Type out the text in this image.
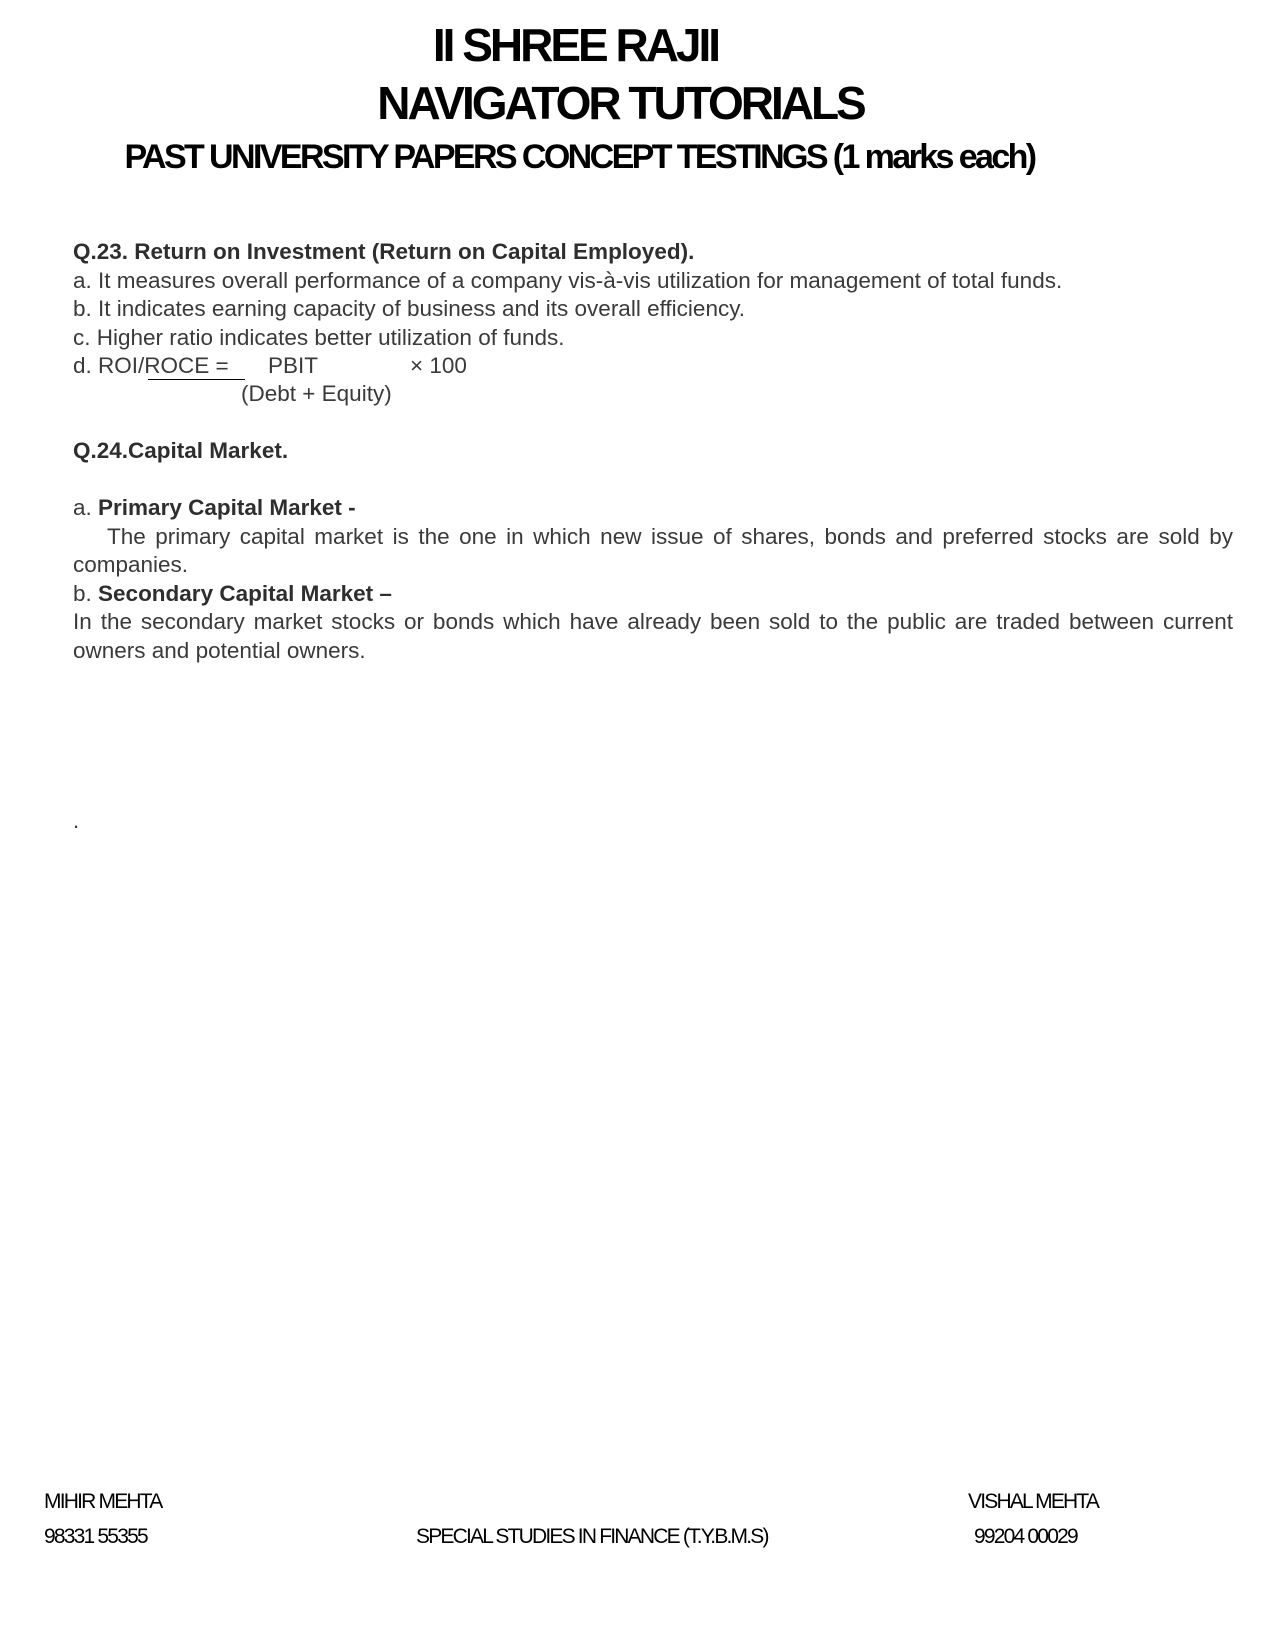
II SHREE RAJII
NAVIGATOR TUTORIALS
PAST UNIVERSITY PAPERS CONCEPT TESTINGS (1 marks each)
Q.23. Return on Investment (Return on Capital Employed).
a. It measures overall performance of a company vis-à-vis utilization for management of total funds.
b. It indicates earning capacity of business and its overall efficiency.
c. Higher ratio indicates better utilization of funds.
d. ROI/ROCE = PBIT	× 100
(Debt + Equity)
Q.24.Capital Market.
a. Primary Capital Market -
The primary capital market is the one in which new issue of shares, bonds and preferred stocks are sold by companies.
b. Secondary Capital Market –
In the secondary market stocks or bonds which have already been sold to the public are traded between current owners and potential owners.
.
MIHIR MEHTA
98331 55355	SPECIAL STUDIES IN FINANCE (T.Y.B.M.S)
VISHAL MEHTA
99204 00029
